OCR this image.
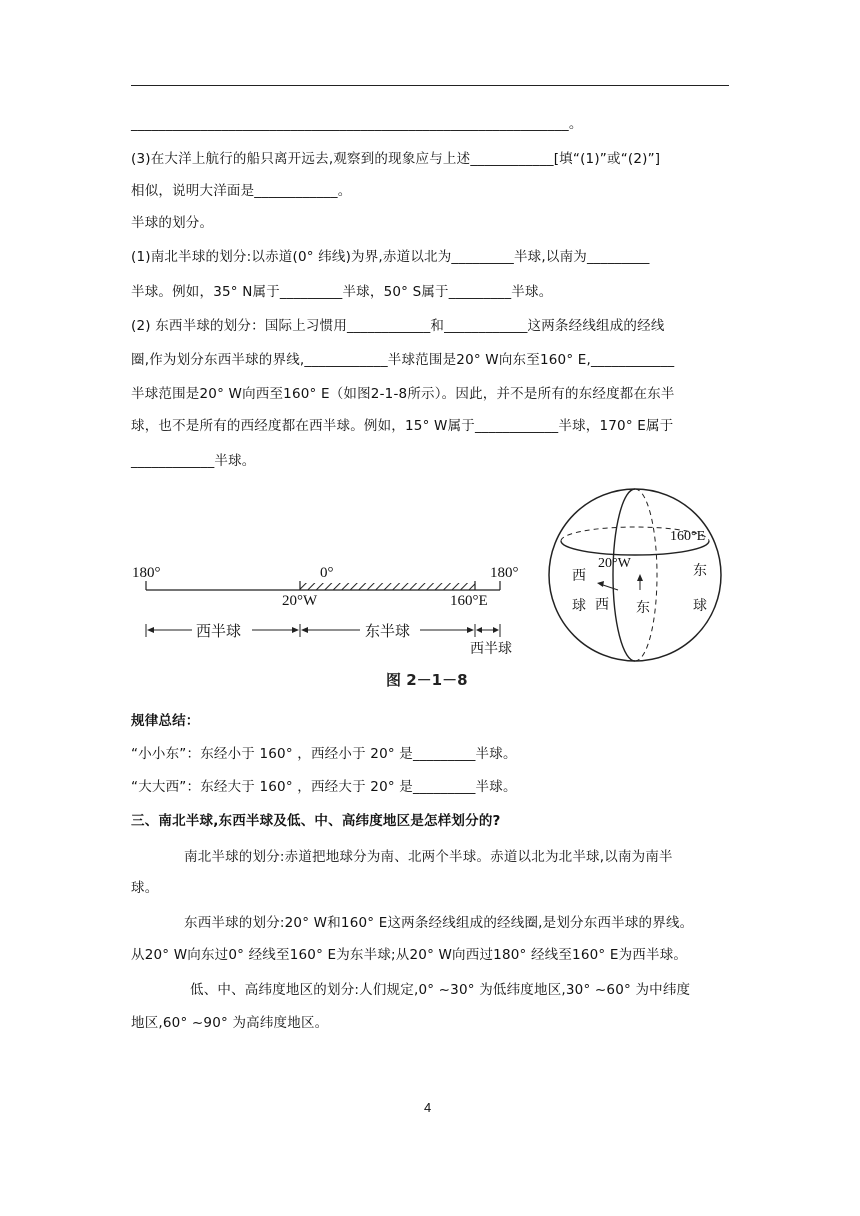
_______________________________________________________________。
(3)在大洋上航行的船只离开远去,观察到的现象应与上述____________[填“(1)”或“(2)”]
相似，说明大洋面是____________。
半球的划分。
(1)南北半球的划分:以赤道(0° 纬线)为界,赤道以北为_________半球,以南为_________
半球。例如，35° N属于_________半球，50° S属于_________半球。
(2) 东西半球的划分：国际上习惯用____________和____________这两条经线组成的经线
圈,作为划分东西半球的界线,____________半球范围是20° W向东至160° E,____________
半球范围是20° W向西至160° E（如图2-1-8所示）。因此，并不是所有的东经度都在东半
球，也不是所有的西经度都在西半球。例如，15° W属于____________半球，170° E属于
____________半球。
180°	0°	180°
20°W	160°E
西半球	东半球
西半球
160°E
20°W
西
球 西 东
东
球
图 2－1－8
规律总结：
“小小东”：东经小于 160° ，西经小于 20° 是_________半球。
“大大西”：东经大于 160° ，西经大于 20° 是_________半球。
三、南北半球,东西半球及低、中、高纬度地区是怎样划分的?
南北半球的划分:赤道把地球分为南、北两个半球。赤道以北为北半球,以南为南半
球。
东西半球的划分:20° W和160° E这两条经线组成的经线圈,是划分东西半球的界线。
从20° W向东过0° 经线至160° E为东半球;从20° W向西过180° 经线至160° E为西半球。
低、中、高纬度地区的划分:人们规定,0° ~30° 为低纬度地区,30° ~60° 为中纬度
地区,60° ~90° 为高纬度地区。
4
